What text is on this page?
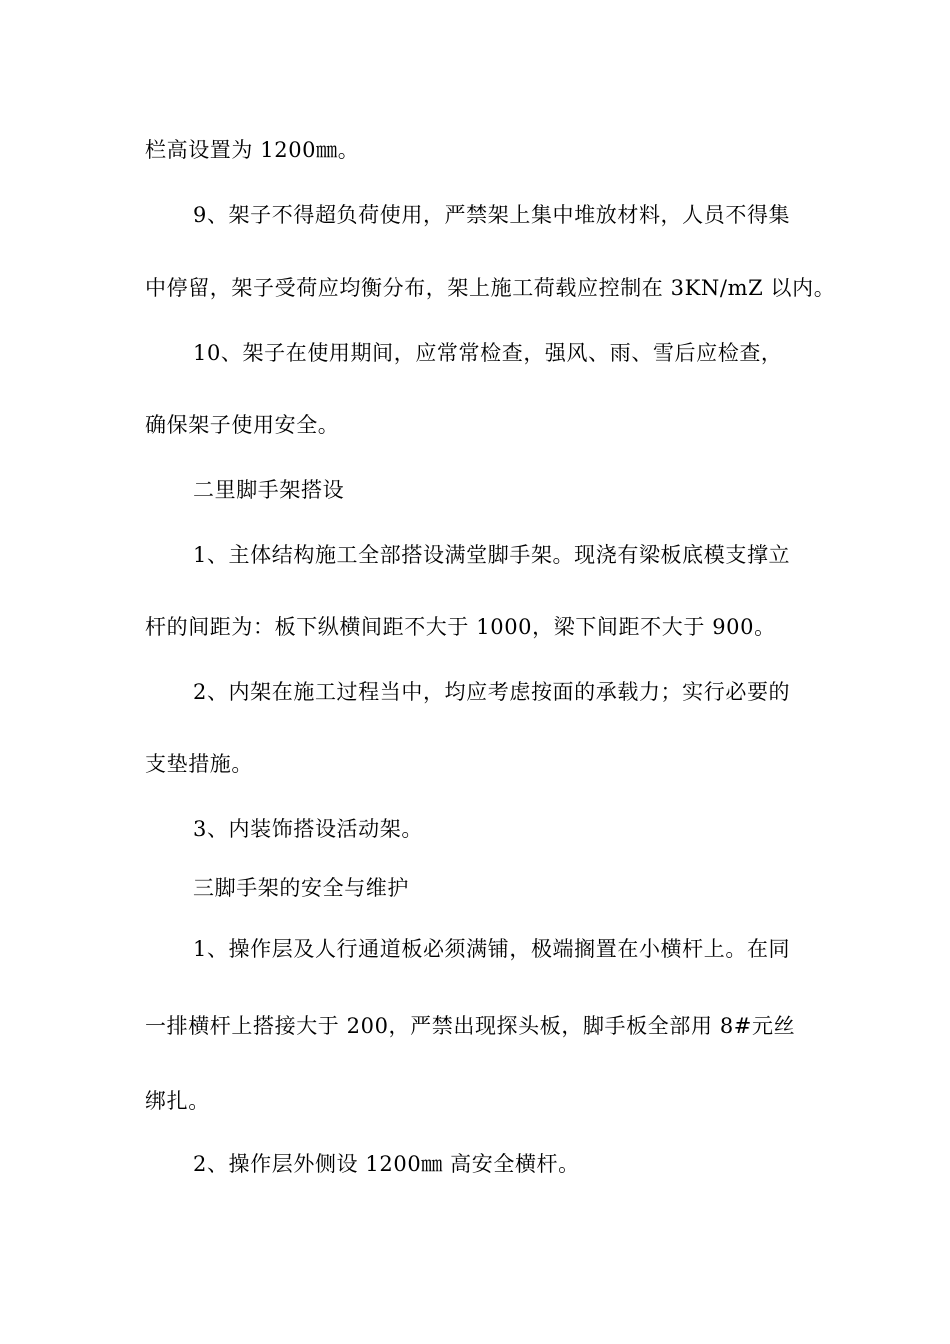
栏高设置为 1200㎜。
9、架子不得超负荷使用，严禁架上集中堆放材料，人员不得集
中停留，架子受荷应均衡分布，架上施工荷载应控制在 3KN/mZ 以内。
10、架子在使用期间，应常常检查，强风、雨、雪后应检查，
确保架子使用安全。
二里脚手架搭设
1、主体结构施工全部搭设满堂脚手架。现浇有梁板底模支撑立
杆的间距为：板下纵横间距不大于 1000，梁下间距不大于 900。
2、内架在施工过程当中，均应考虑按面的承载力；实行必要的
支垫措施。
3、内装饰搭设活动架。
三脚手架的安全与维护
1、操作层及人行通道板必须满铺，极端搁置在小横杆上。在同
一排横杆上搭接大于 200，严禁出现探头板，脚手板全部用 8#元丝
绑扎。
2、操作层外侧设 1200㎜ 高安全横杆。
